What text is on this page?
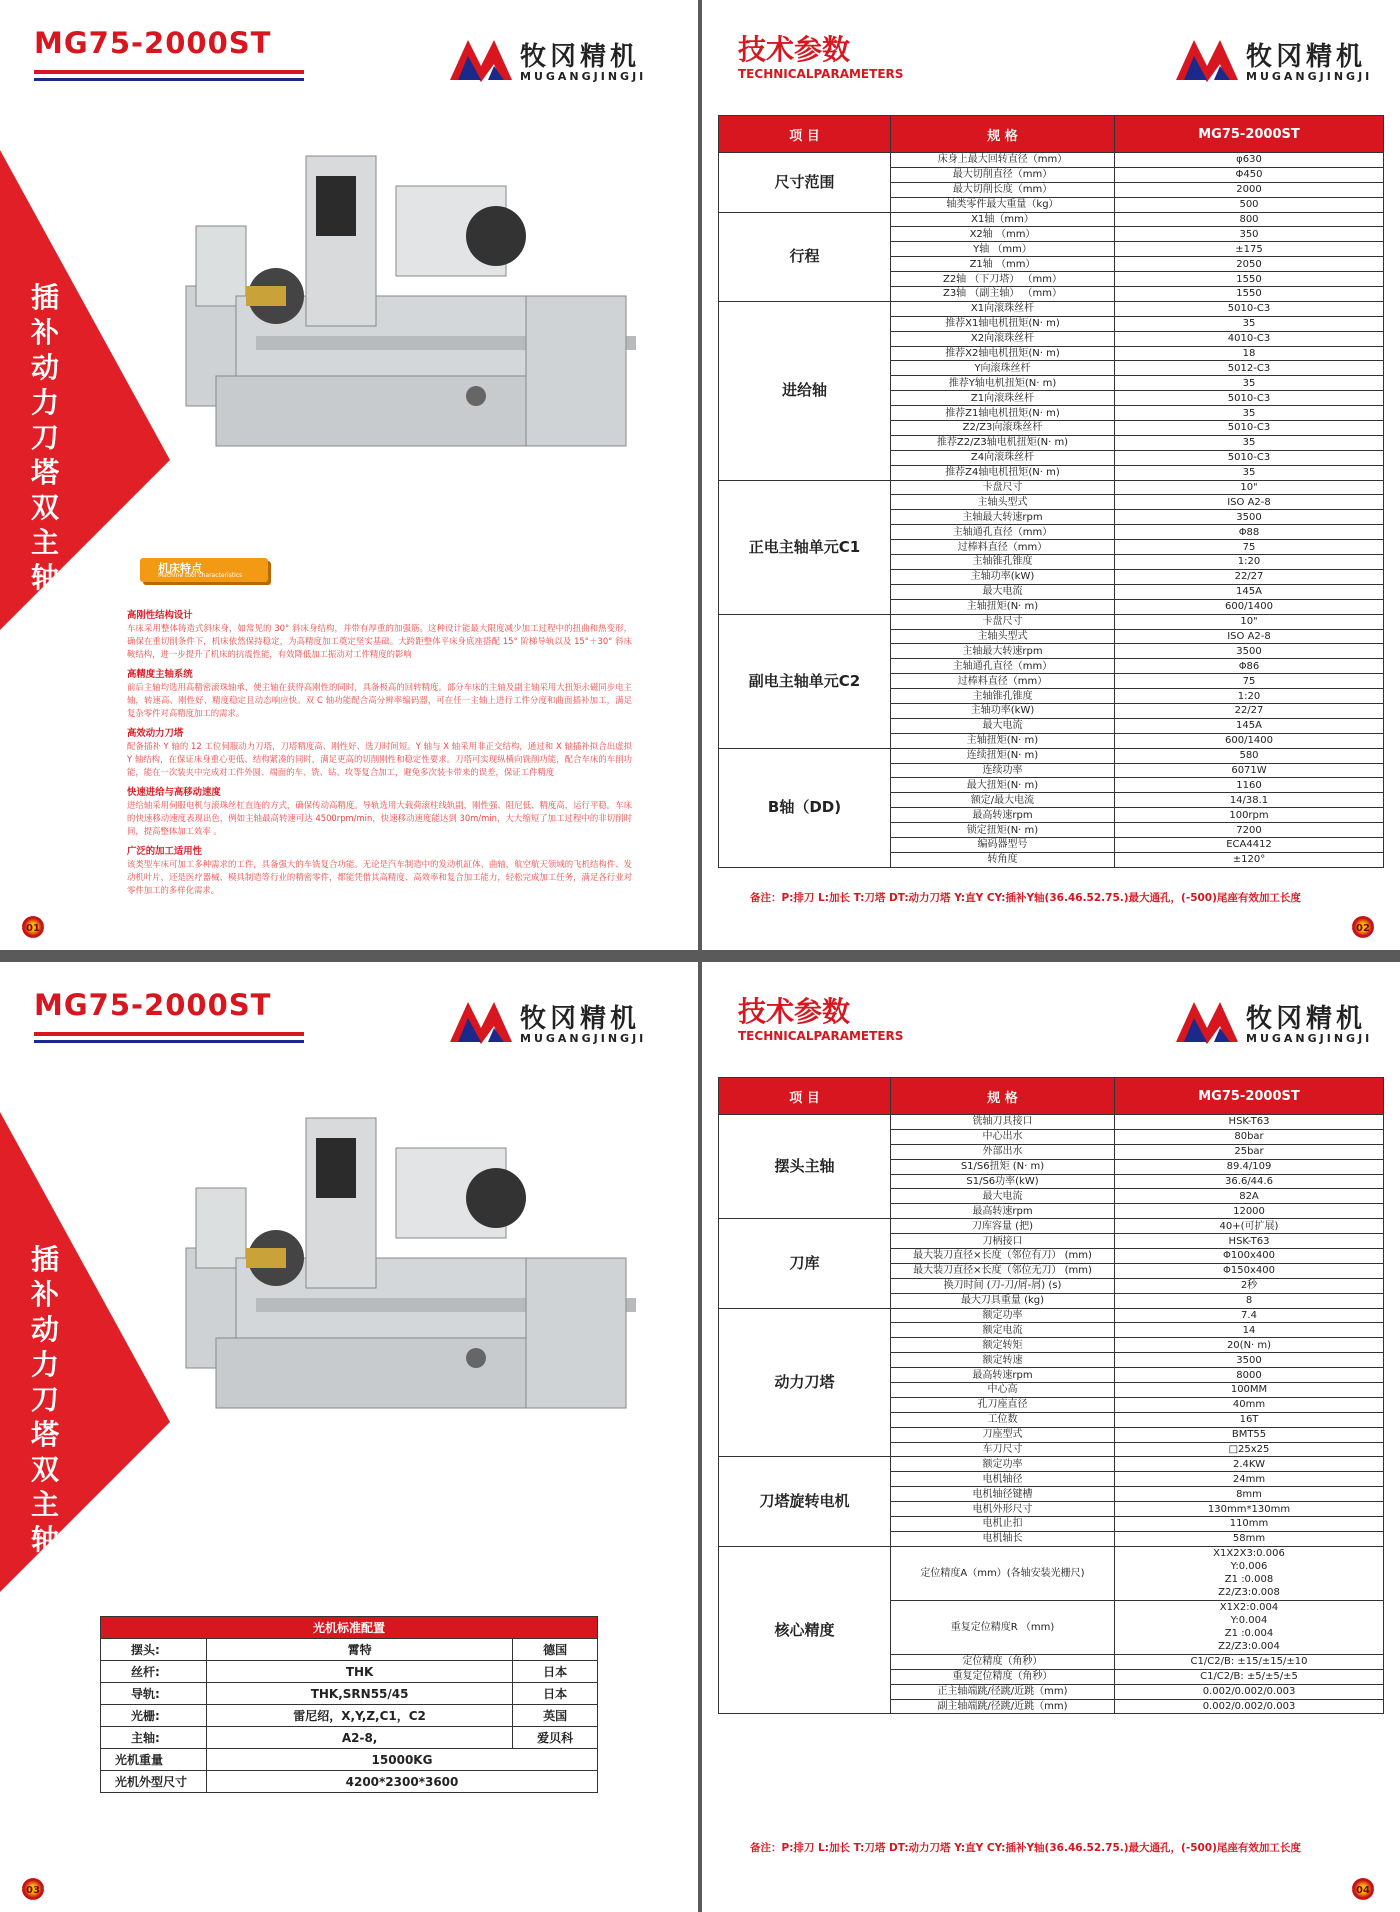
MG75-2000ST	牧冈精机
MUGANGJINGJI
插
补
动
力
刀
塔
双
主
轴
车
铣
机床特点
Machine tool characteristics
高刚性结构设计

车床采用整体铸造式斜床身，如常见的 30° 斜床身结构，并带有厚重的加强筋。这种设计能最大限度减少加工过程中的扭曲和热变形，确保在重切削条件下，机床依然保持稳定，为高精度加工奠定坚实基础。大跨距整体平床身底座搭配 15° 阶梯导轨以及 15°＋30° 斜床鞍结构，进一步提升了机床的抗震性能，有效降低加工振动对工件精度的影响

高精度主轴系统

前后主轴均选用高精密滚珠轴承，使主轴在获得高刚性的同时，具备极高的回转精度。部分车床的主轴及副主轴采用大扭矩永磁同步电主轴，转速高、刚性好、精度稳定且动态响应快。双 C 轴功能配合高分辨率编码器，可在任一主轴上进行工件分度和曲面插补加工，满足复杂零件对高精度加工的需求。

高效动力刀塔

配备插补 Y 轴的 12 工位伺服动力刀塔，刀塔精度高、刚性好、选刀时间短。Y 轴与 X 轴采用非正交结构，通过和 X 轴插补拟合出虚拟 Y 轴结构，在保证床身重心更低、结构紧凑的同时，满足更高的切削刚性和稳定性要求。刀塔可实现纵横向铣削功能，配合车床的车削功能，能在一次装夹中完成对工件外圆、端面的车、铣、钻、攻等复合加工，避免多次装卡带来的误差，保证工件精度

快速进给与高移动速度

进给轴采用伺服电机与滚珠丝杠直连的方式，确保传动高精度。导轨选用大载荷滚柱线轨副，刚性强、阻尼低、精度高，运行平稳。车床的快速移动速度表现出色，例如主轴最高转速可达 4500rpm/min，快速移动速度能达到 30m/min，大大缩短了加工过程中的非切削时间，提高整体加工效率 。

广泛的加工适用性

该类型车床可加工多种需求的工件，具备强大的车铣复合功能。无论是汽车制造中的发动机缸体、曲轴，航空航天领域的飞机结构件、发动机叶片，还是医疗器械、模具制造等行业的精密零件，都能凭借其高精度、高效率和复合加工能力，轻松完成加工任务，满足各行业对零件加工的多样化需求。

01
技术参数
TECHNICALPARAMETERS
牧冈精机
MUGANGJINGJI
项 目	规 格	MG75-2000ST
尺寸范围	床身上最大回转直径（mm）	φ630
	最大切削直径（mm）	Φ450
	最大切削长度（mm）	2000
	轴类零件最大重量（kg）	500
行程	X1轴（mm）	800
	X2轴 （mm）	350
	Y轴 （mm）	±175
	Z1轴 （mm）	2050
	Z2轴 （下刀塔） （mm）	1550
	Z3轴 （副主轴） （mm）	1550
进给轴	X1向滚珠丝杆	5010-C3
	推荐X1轴电机扭矩(N· m)	35
	X2向滚珠丝杆	4010-C3
	推荐X2轴电机扭矩(N· m)	18
	Y向滚珠丝杆	5012-C3
	推荐Y轴电机扭矩(N· m)	35
	Z1向滚珠丝杆	5010-C3
	推荐Z1轴电机扭矩(N· m)	35
	Z2/Z3向滚珠丝杆	5010-C3
	推荐Z2/Z3轴电机扭矩(N· m)	35
	Z4向滚珠丝杆	5010-C3
	推荐Z4轴电机扭矩(N· m)	35
正电主轴单元C1	卡盘尺寸	10"
	主轴头型式	ISO A2-8
	主轴最大转速rpm	3500
	主轴通孔直径（mm）	Φ88
	过棒料直径（mm）	75
	主轴锥孔锥度	1:20
	主轴功率(kW)	22/27
	最大电流	145A
	主轴扭矩(N· m)	600/1400
副电主轴单元C2	卡盘尺寸	10"
	主轴头型式	ISO A2-8
	主轴最大转速rpm	3500
	主轴通孔直径（mm）	Φ86
	过棒料直径（mm）	75
	主轴锥孔锥度	1:20
	主轴功率(kW)	22/27
	最大电流	145A
	主轴扭矩(N· m)	600/1400
B轴（DD)	连续扭矩(N· m)	580
	连续功率	6071W
	最大扭矩(N· m)	1160
	额定/最大电流	14/38.1
	最高转速rpm	100rpm
	锁定扭矩(N· m)	7200
	编码器型号	ECA4412
	转角度	±120°
备注：P:排刀 L:加长 T:刀塔 DT:动力刀塔 Y:直Y CY:插补Y轴(36.46.52.75.)最大通孔，(-500)尾座有效加工长度
02
MG75-2000ST	牧冈精机
MUGANGJINGJI
插
补
动
力
刀
塔
双
主
轴
车
铣
光机标准配置		
摆头:	霄特	德国
丝杆:	THK	日本
导轨:	THK,SRN55/45	日本
光栅:	雷尼绍，X,Y,Z,C1，C2	英国
主轴:	A2-8,	爱贝科
光机重量	15000KG	
光机外型尺寸	4200*2300*3600	
03
技术参数
TECHNICALPARAMETERS
牧冈精机
MUGANGJINGJI
项 目	规 格	MG75-2000ST
摆头主轴	铣轴刀具接口	HSK-T63
	中心出水	80bar
	外部出水	25bar
	S1/S6扭矩 (N· m)	89.4/109
	S1/S6功率(kW)	36.6/44.6
	最大电流	82A
	最高转速rpm	12000
刀库	刀库容量 (把)	40+(可扩展)
	刀柄接口	HSK-T63
	最大装刀直径×长度（邻位有刀） (mm)	Φ100x400
	最大装刀直径×长度（邻位无刀） (mm)	Φ150x400
	换刀时间 (刀-刀/屑-屑) (s)	2秒
	最大刀具重量 (kg)	8
动力刀塔	额定功率	7.4
	额定电流	14
	额定转矩	20(N· m)
	额定转速	3500
	最高转速rpm	8000
	中心高	100MM
	孔刀座直径	40mm
	工位数	16T
	刀座型式	BMT55
	车刀尺寸	□25x25
刀塔旋转电机	额定功率	2.4KW
	电机轴径	24mm
	电机轴径键槽	8mm
	电机外形尺寸	130mm*130mm
	电机止扣	110mm
	电机轴长	58mm
核心精度	定位精度A（mm）(各轴安装光栅尺)	X1X2X3:0.006
Y:0.006
Z1 :0.008
Z2/Z3:0.008
	重复定位精度R （mm)	X1X2:0.004
Y:0.004
Z1 :0.004
Z2/Z3:0.004
	定位精度（角秒）	C1/C2/B: ±15/±15/±10
	重复定位精度（角秒）	C1/C2/B: ±5/±5/±5
	正主轴端跳/径跳/近跳（mm)	0.002/0.002/0.003
	副主轴端跳/径跳/近跳（mm)	0.002/0.002/0.003
备注：P:排刀 L:加长 T:刀塔 DT:动力刀塔 Y:直Y CY:插补Y轴(36.46.52.75.)最大通孔，(-500)尾座有效加工长度
04
